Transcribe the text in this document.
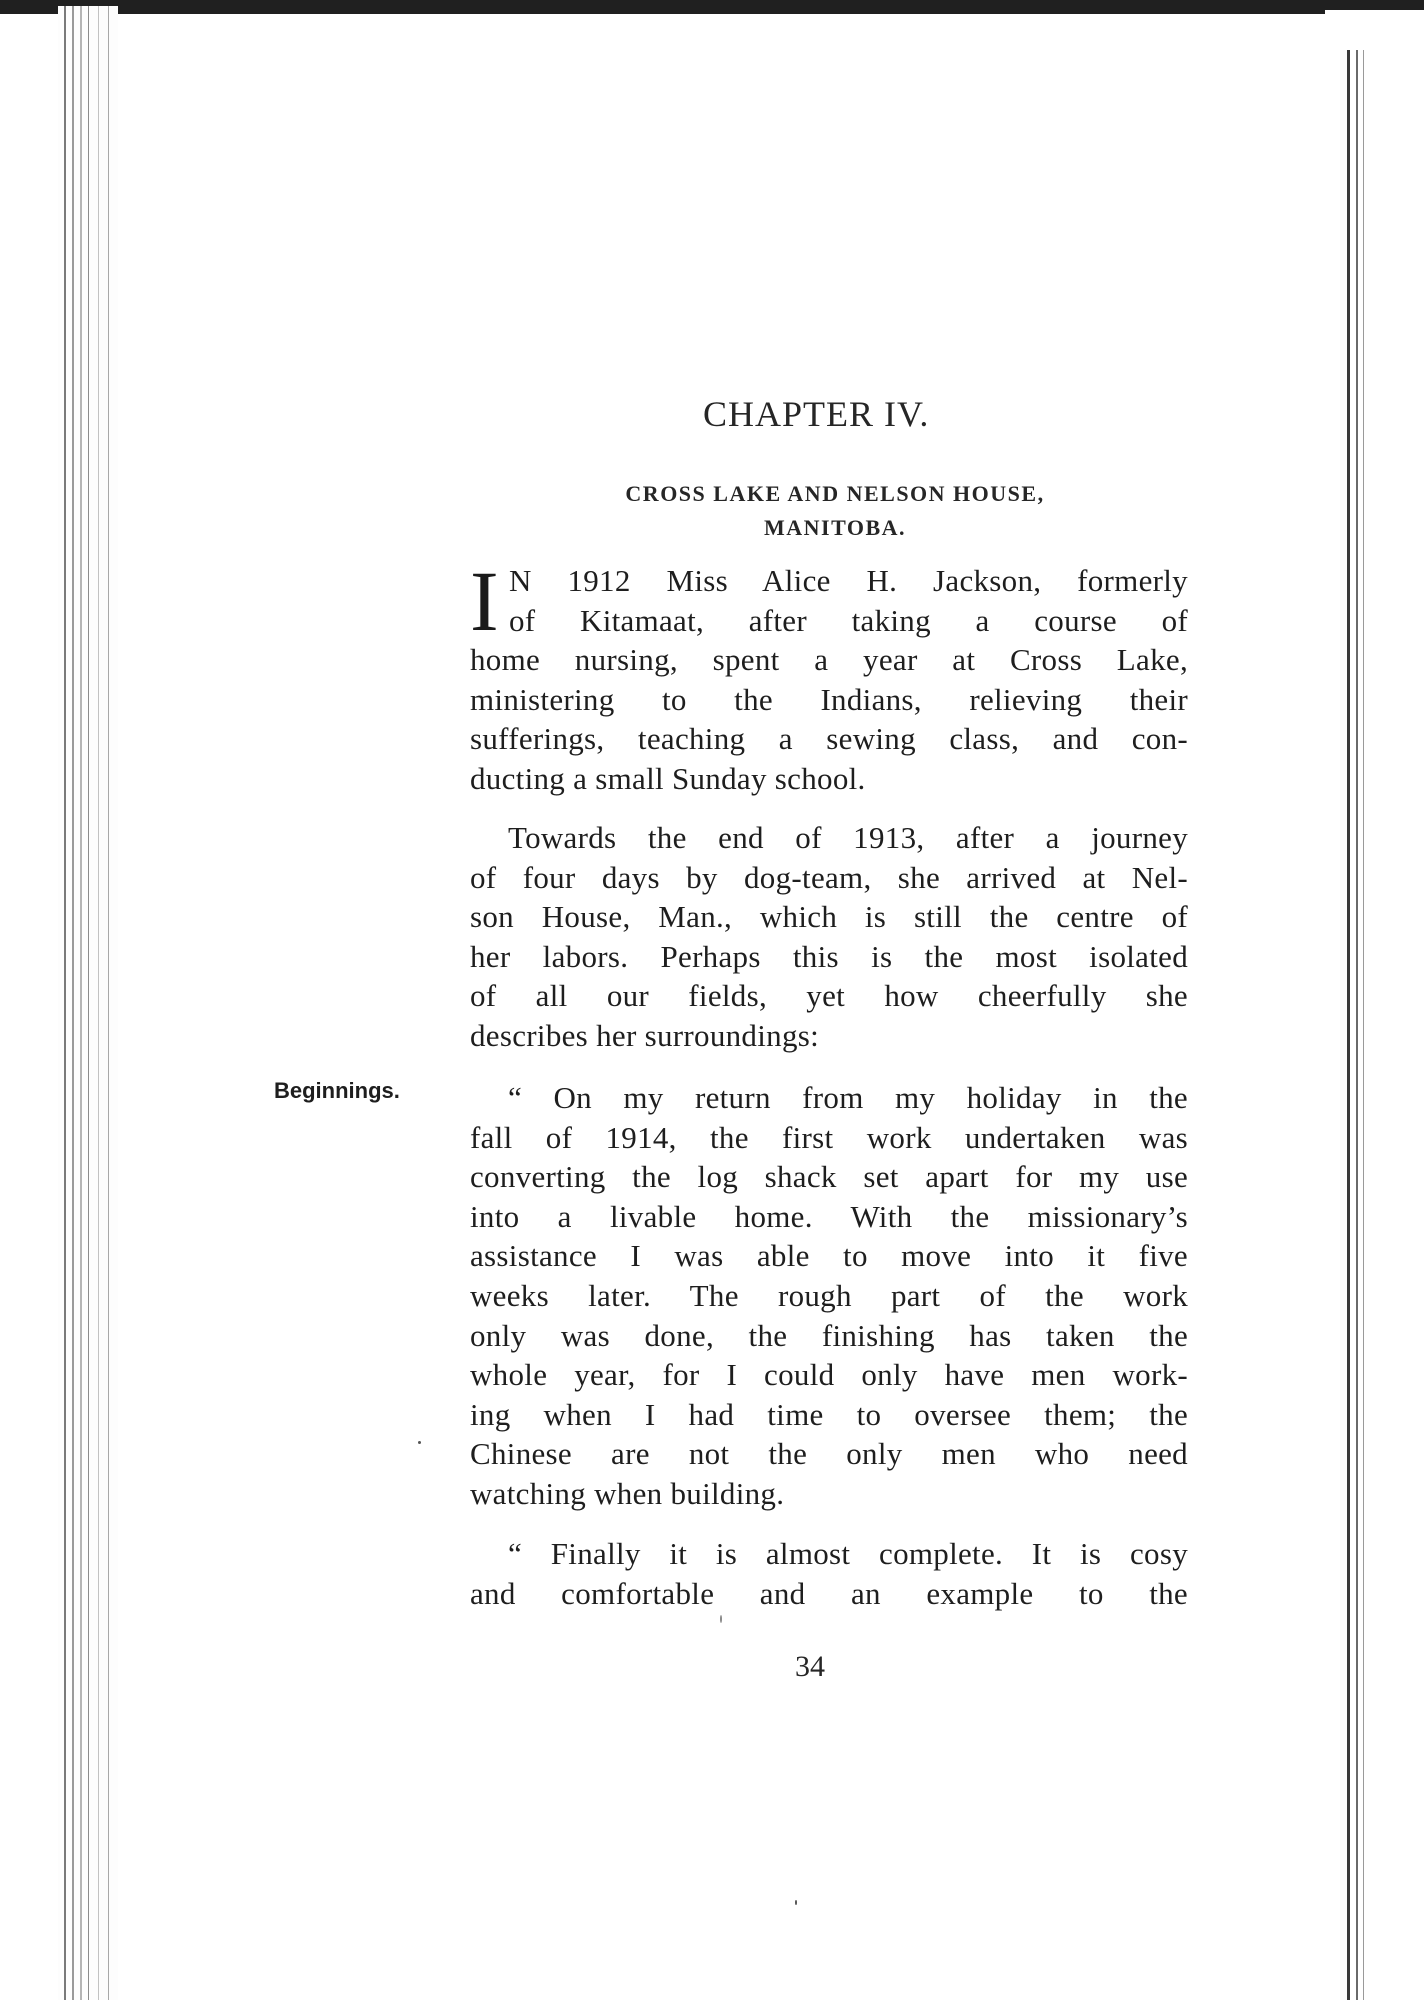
CHAPTER IV.
CROSS LAKE AND NELSON HOUSE,
MANITOBA.
I N 1912 Miss Alice H. Jackson, formerly
of Kitamaat, after taking a course of
home nursing, spent a year at Cross Lake,
ministering to the Indians, relieving their
sufferings, teaching a sewing class, and con-
ducting a small Sunday school.
Towards the end of 1913, after a journey
of four days by dog-team, she arrived at Nel-
son House, Man., which is still the centre of
her labors. Perhaps this is the most isolated
of all our fields, yet how cheerfully she
describes her surroundings:
Beginnings.	“ On my return from my holiday in the
fall of 1914, the first work undertaken was
converting the log shack set apart for my use
into a livable home. With the missionary’s
assistance I was able to move into it five
weeks later. The rough part of the work
only was done, the finishing has taken the
whole year, for I could only have men work-
ing when I had time to oversee them; the
Chinese are not the only men who need
watching when building.
“ Finally it is almost complete. It is cosy
and comfortable and an example to the
34
